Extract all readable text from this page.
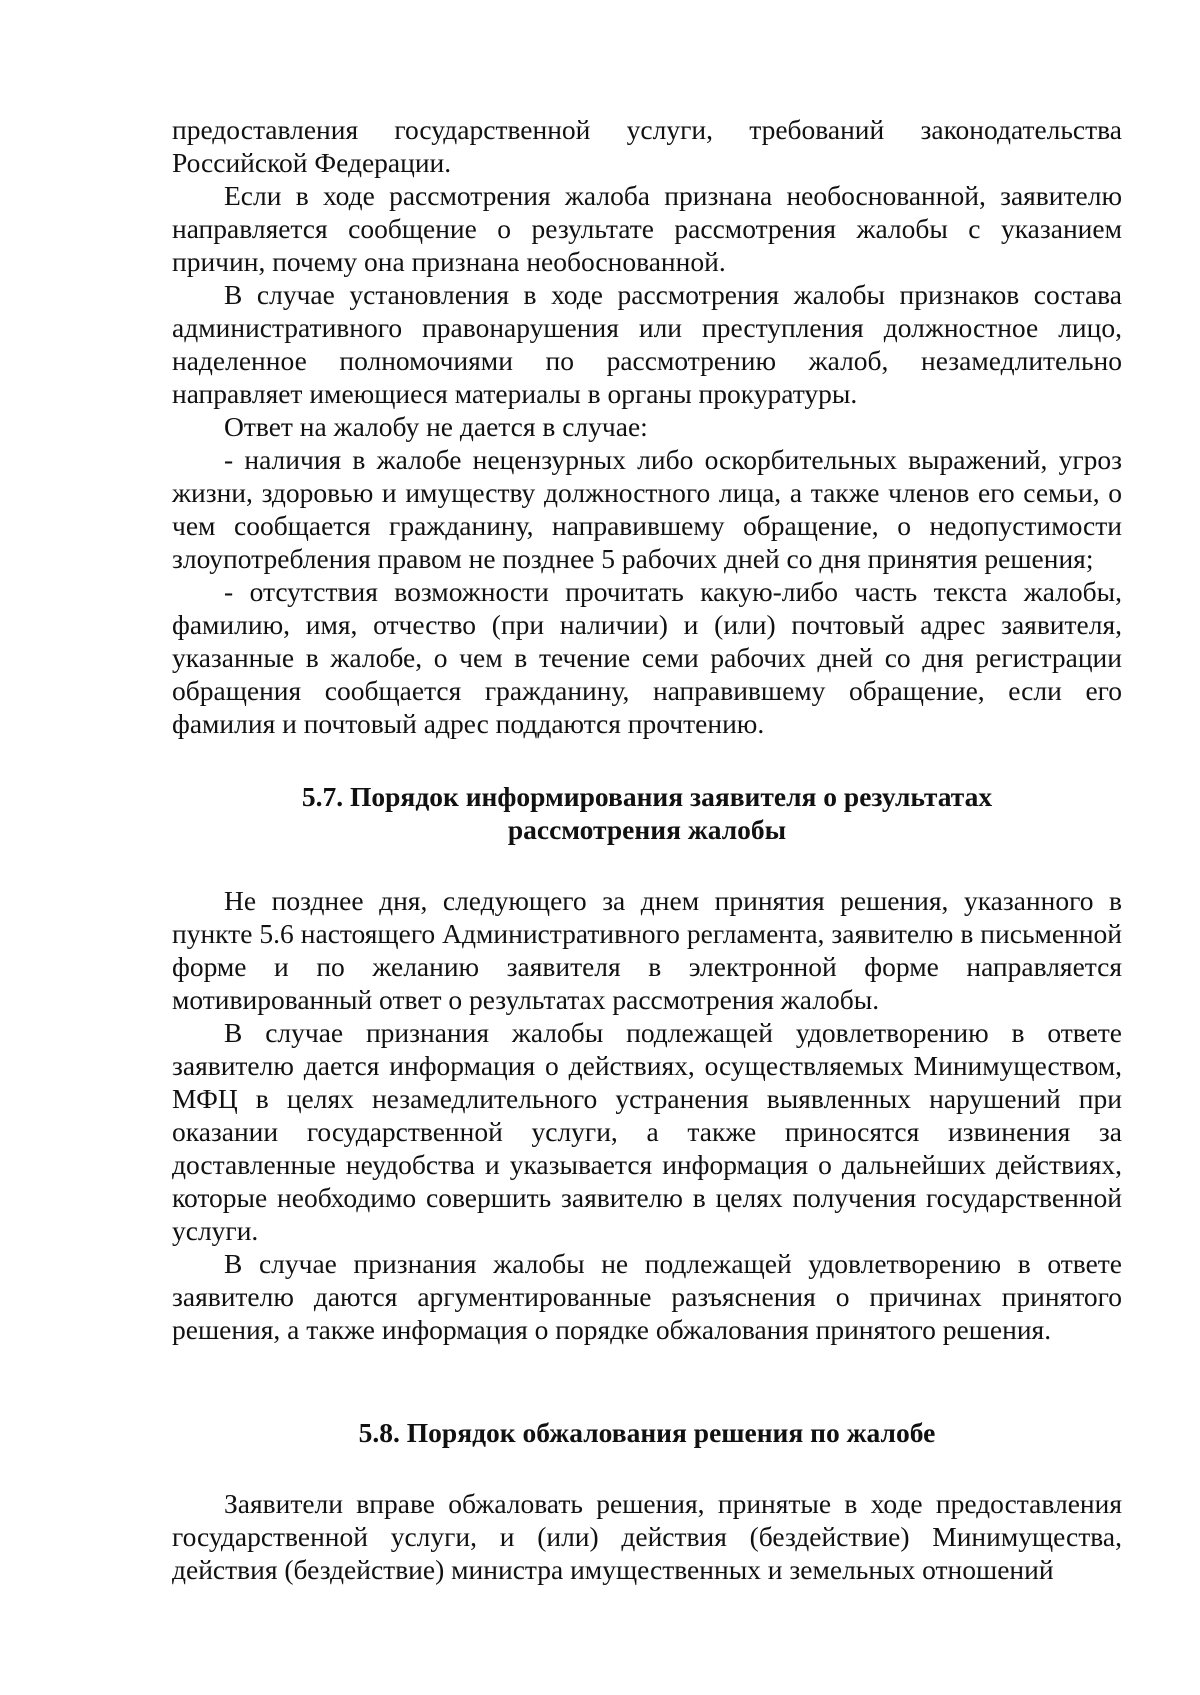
предоставления государственной услуги, требований законодательства Российской Федерации.

Если в ходе рассмотрения жалоба признана необоснованной, заявителю направляется сообщение о результате рассмотрения жалобы с указанием причин, почему она признана необоснованной.

В случае установления в ходе рассмотрения жалобы признаков состава административного правонарушения или преступления должностное лицо, наделенное полномочиями по рассмотрению жалоб, незамедлительно направляет имеющиеся материалы в органы прокуратуры.

Ответ на жалобу не дается в случае:

- наличия в жалобе нецензурных либо оскорбительных выражений, угроз жизни, здоровью и имуществу должностного лица, а также членов его семьи, о чем сообщается гражданину, направившему обращение, о недопустимости злоупотребления правом не позднее 5 рабочих дней со дня принятия решения;

- отсутствия возможности прочитать какую-либо часть текста жалобы, фамилию, имя, отчество (при наличии) и (или) почтовый адрес заявителя, указанные в жалобе, о чем в течение семи рабочих дней со дня регистрации обращения сообщается гражданину, направившему обращение, если его фамилия и почтовый адрес поддаются прочтению.

5.7. Порядок информирования заявителя о результатах
рассмотрения жалобы

Не позднее дня, следующего за днем принятия решения, указанного в пункте 5.6 настоящего Административного регламента, заявителю в письменной форме и по желанию заявителя в электронной форме направляется мотивированный ответ о результатах рассмотрения жалобы.

В случае признания жалобы подлежащей удовлетворению в ответе заявителю дается информация о действиях, осуществляемых Минимуществом, МФЦ в целях незамедлительного устранения выявленных нарушений при оказании государственной услуги, а также приносятся извинения за доставленные неудобства и указывается информация о дальнейших действиях, которые необходимо совершить заявителю в целях получения государственной услуги.

В случае признания жалобы не подлежащей удовлетворению в ответе заявителю даются аргументированные разъяснения о причинах принятого решения, а также информация о порядке обжалования принятого решения.

5.8. Порядок обжалования решения по жалобе

Заявители вправе обжаловать решения, принятые в ходе предоставления государственной услуги, и (или) действия (бездействие) Минимущества, действия (бездействие) министра имущественных и земельных отношений
